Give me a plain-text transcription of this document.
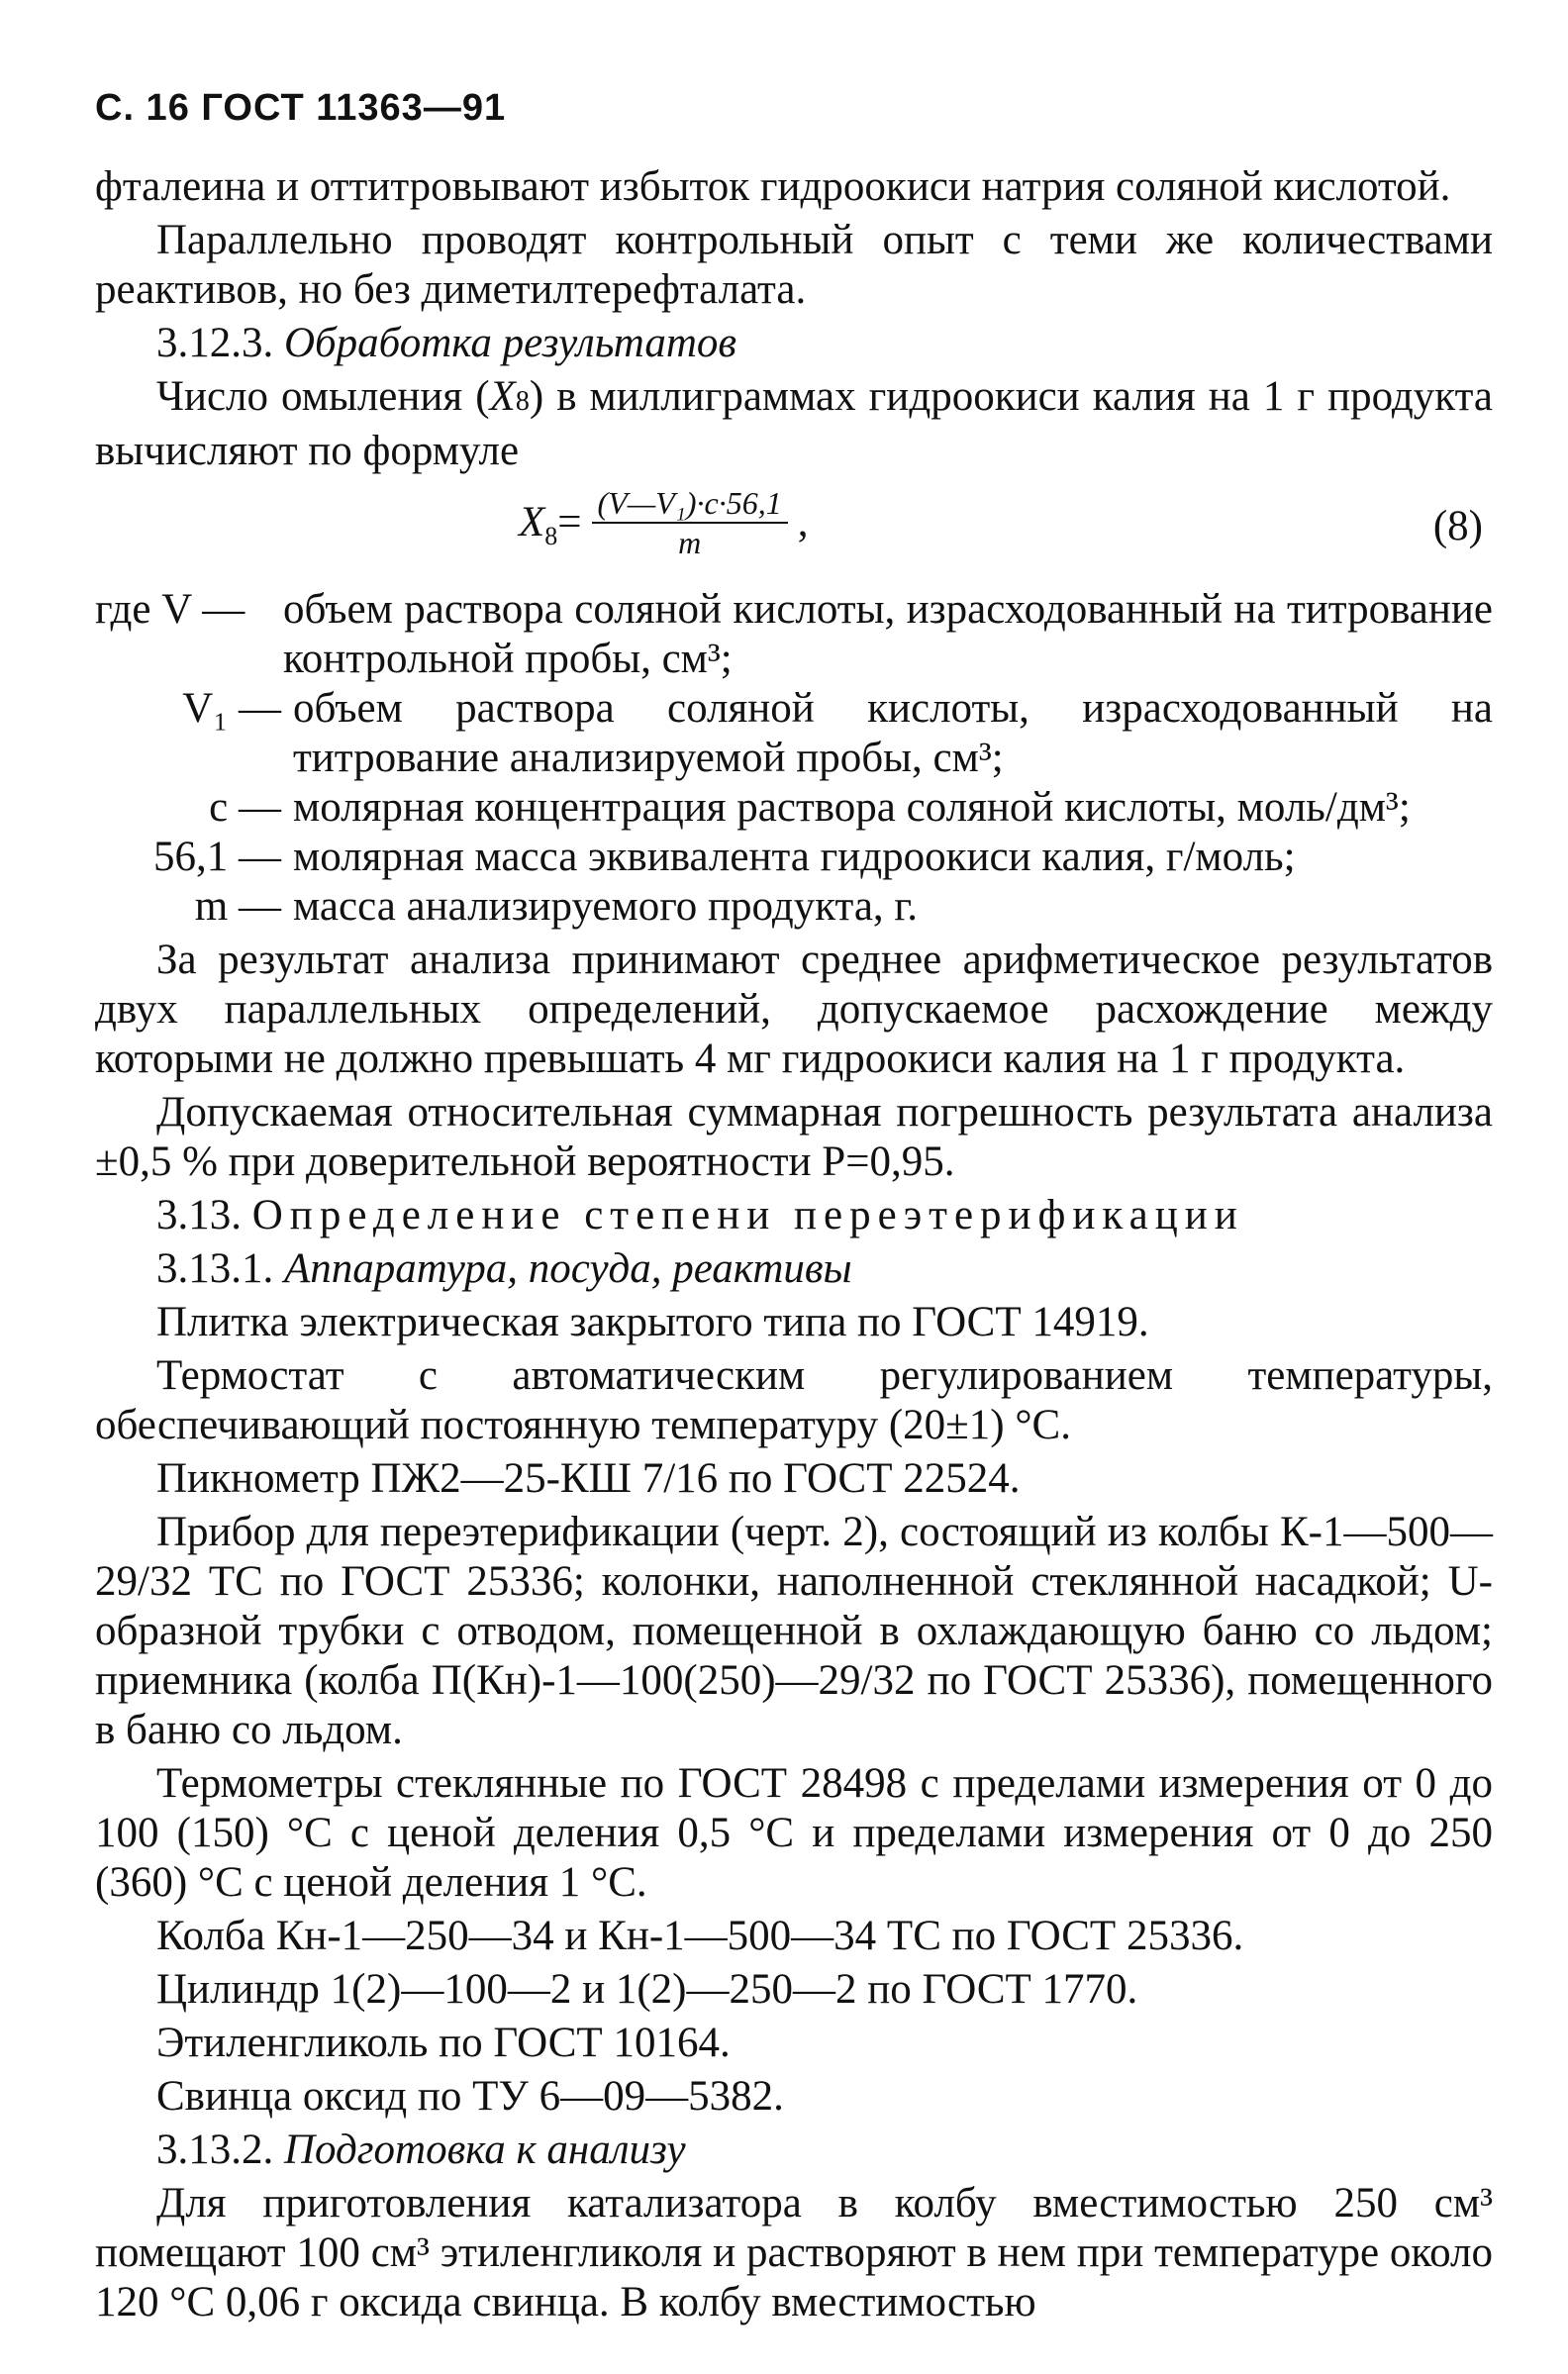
С. 16 ГОСТ 11363—91

фталеина и оттитровывают избыток гидроокиси натрия соляной кислотой.

Параллельно проводят контрольный опыт с теми же количествами реактивов, но без диметилтерефталата.

3.12.3. Обработка результатов

Число омыления (X8) в миллиграммах гидроокиси калия на 1 г продукта вычисляют по формуле

X $8 = \frac{\text{(V—V₁)·c·56,1}}{m}$ ,	(8)
где V — объем раствора соляной кислоты, израсходованный на титрование контрольной пробы, см³;
V₁ — объем раствора соляной кислоты, израсходованный на титрование анализируемой пробы, см³;
с — молярная концентрация раствора соляной кислоты, моль/дм³;
56,1 — молярная масса эквивалента гидроокиси калия, г/моль;
m — масса анализируемого продукта, г.

За результат анализа принимают среднее арифметическое результатов двух параллельных определений, допускаемое расхождение между которыми не должно превышать 4 мг гидроокиси калия на 1 г продукта.

Допускаемая относительная суммарная погрешность результата анализа ±0,5 % при доверительной вероятности P=0,95.

3.13. Определение степени переэтерификации

3.13.1. Аппаратура, посуда, реактивы

Плитка электрическая закрытого типа по ГОСТ 14919.

Термостат с автоматическим регулированием температуры, обеспечивающий постоянную температуру (20±1) °С.

Пикнометр ПЖ2—25-КШ 7/16 по ГОСТ 22524.

Прибор для переэтерификации (черт. 2), состоящий из колбы К-1—500—29/32 ТС по ГОСТ 25336; колонки, наполненной стеклянной насадкой; U-образной трубки с отводом, помещенной в охлаждающую баню со льдом; приемника (колба П(Кн)-1—100(250)—29/32 по ГОСТ 25336), помещенного в баню со льдом.

Термометры стеклянные по ГОСТ 28498 с пределами измерения от 0 до 100 (150) °С с ценой деления 0,5 °С и пределами измерения от 0 до 250 (360) °С с ценой деления 1 °С.

Колба Кн-1—250—34 и Кн-1—500—34 ТС по ГОСТ 25336.

Цилиндр 1(2)—100—2 и 1(2)—250—2 по ГОСТ 1770.

Этиленгликоль по ГОСТ 10164.

Свинца оксид по ТУ 6—09—5382.

3.13.2. Подготовка к анализу

Для приготовления катализатора в колбу вместимостью 250 см³ помещают 100 см³ этиленгликоля и растворяют в нем при температуре около 120 °С 0,06 г оксида свинца. В колбу вместимостью
